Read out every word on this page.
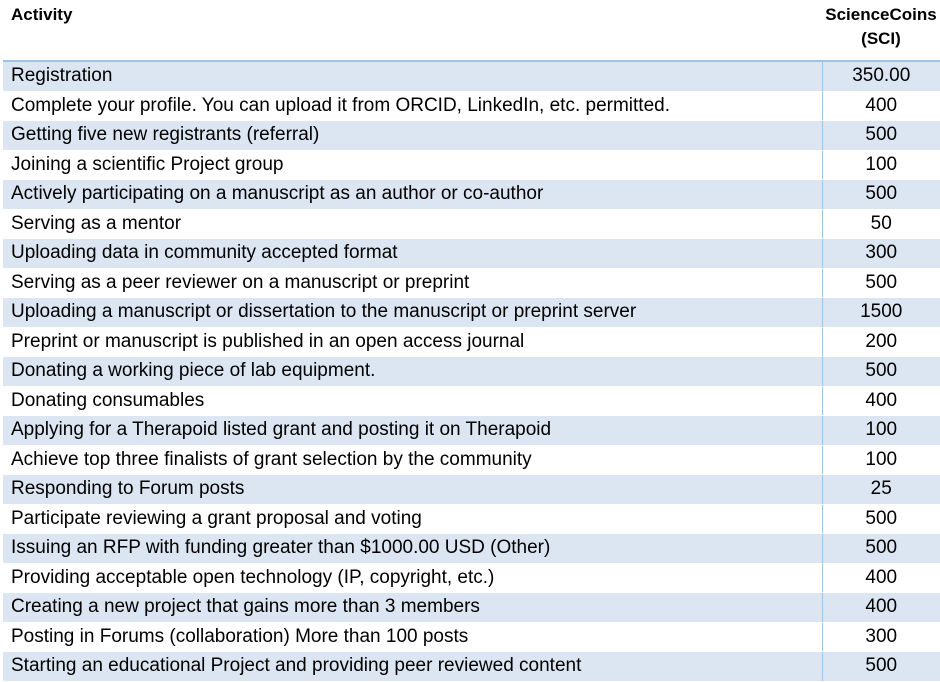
Activity	ScienceCoins
(SCI)

Registration	350.00
Complete your profile. You can upload it from ORCID, LinkedIn, etc. permitted.	400
Getting five new registrants (referral)	500
Joining a scientific Project group	100
Actively participating on a manuscript as an author or co-author	500
Serving as a mentor	50
Uploading data in community accepted format	300
Serving as a peer reviewer on a manuscript or preprint	500
Uploading a manuscript or dissertation to the manuscript or preprint server	1500
Preprint or manuscript is published in an open access journal	200
Donating a working piece of lab equipment.	500
Donating consumables	400
Applying for a Therapoid listed grant and posting it on Therapoid	100
Achieve top three finalists of grant selection by the community	100
Responding to Forum posts	25
Participate reviewing a grant proposal and voting	500
Issuing an RFP with funding greater than $1000.00 USD (Other)	500
Providing acceptable open technology (IP, copyright, etc.)	400
Creating a new project that gains more than 3 members	400
Posting in Forums (collaboration) More than 100 posts	300
Starting an educational Project and providing peer reviewed content	500
